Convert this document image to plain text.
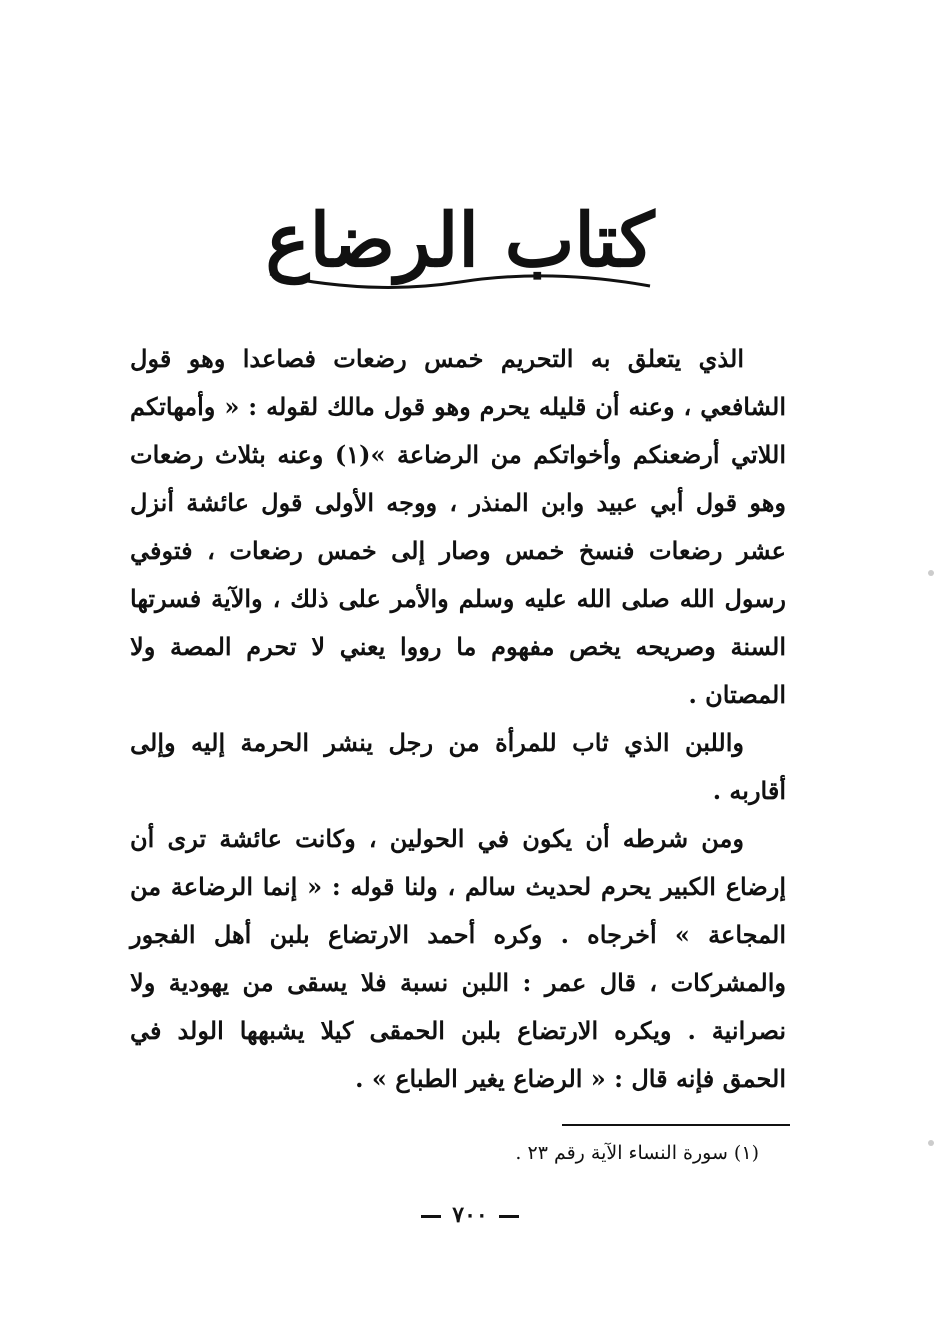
كتاب الرضاع

الذي يتعلق به التحريم خمس رضعات فصاعدا وهو قول الشافعي ، وعنه أن قليله يحرم وهو قول مالك لقوله : « وأمهاتكم اللاتي أرضعنكم وأخواتكم من الرضاعة »(١) وعنه بثلاث رضعات وهو قول أبي عبيد وابن المنذر ، ووجه الأولى قول عائشة أنزل عشر رضعات فنسخ خمس وصار إلى خمس رضعات ، فتوفي رسول الله صلى الله عليه وسلم والأمر على ذلك ، والآية فسرتها السنة وصريحه يخص مفهوم ما رووا يعني لا تحرم المصة ولا المصتان .

واللبن الذي ثاب للمرأة من رجل ينشر الحرمة إليه وإلى أقاربه .

ومن شرطه أن يكون في الحولين ، وكانت عائشة ترى أن إرضاع الكبير يحرم لحديث سالم ، ولنا قوله : « إنما الرضاعة من المجاعة » أخرجاه . وكره أحمد الارتضاع بلبن أهل الفجور والمشركات ، قال عمر : اللبن نسبة فلا يسقى من يهودية ولا نصرانية . ويكره الارتضاع بلبن الحمقى كيلا يشبهها الولد في الحمق فإنه قال : « الرضاع يغير الطباع » .

(١) سورة النساء الآية رقم ٢٣ .
٧٠٠
